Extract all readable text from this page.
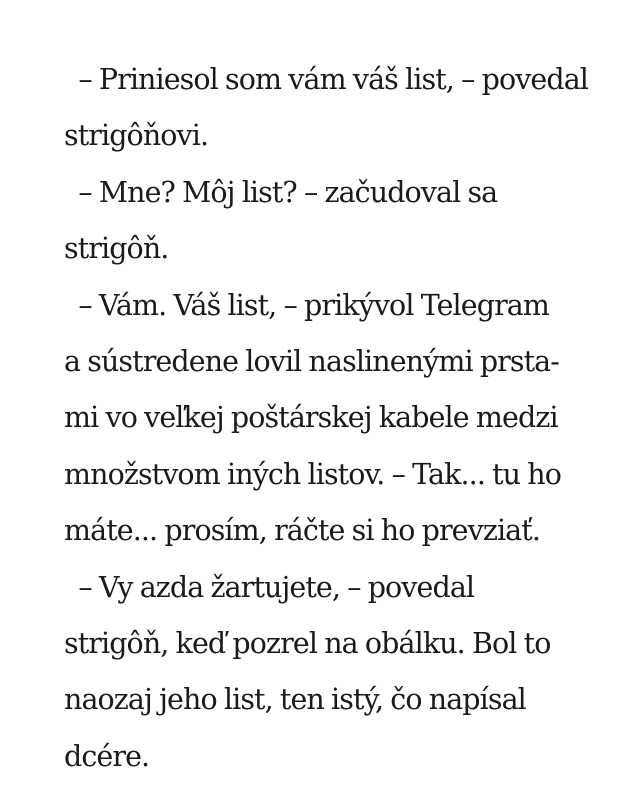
– Priniesol som vám váš list, – povedal
strigôňovi.
– Mne? Môj list? – začudoval sa
strigôň.
– Vám. Váš list, – prikývol Telegram
a sústredene lovil naslinenými prsta-
mi vo veľkej poštárskej kabele medzi
množstvom iných listov. – Tak... tu ho
máte... prosím, ráčte si ho prevziať.
– Vy azda žartujete, – povedal
strigôň, keď pozrel na obálku. Bol to
naozaj jeho list, ten istý, čo napísal
dcére.
